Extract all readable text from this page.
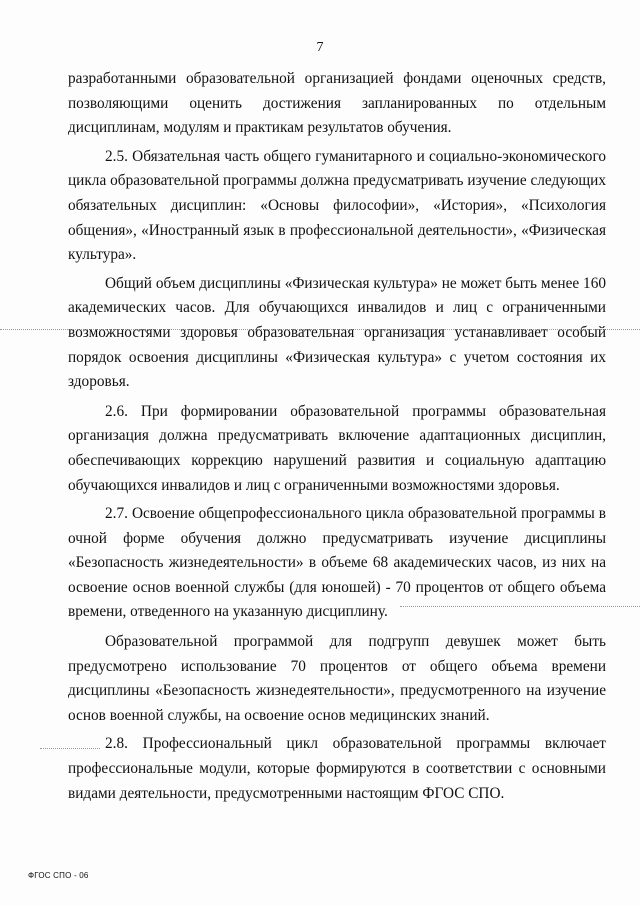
7

разработанными образовательной организацией фондами оценочных средств, позволяющими оценить достижения запланированных по отдельным дисциплинам, модулям и практикам результатов обучения.

2.5. Обязательная часть общего гуманитарного и социально-экономического цикла образовательной программы должна предусматривать изучение следующих обязательных дисциплин: «Основы философии», «История», «Психология общения», «Иностранный язык в профессиональной деятельности», «Физическая культура».

Общий объем дисциплины «Физическая культура» не может быть менее 160 академических часов. Для обучающихся инвалидов и лиц с ограниченными возможностями здоровья образовательная организация устанавливает особый порядок освоения дисциплины «Физическая культура» с учетом состояния их здоровья.

2.6. При формировании образовательной программы образовательная организация должна предусматривать включение адаптационных дисциплин, обеспечивающих коррекцию нарушений развития и социальную адаптацию обучающихся инвалидов и лиц с ограниченными возможностями здоровья.

2.7. Освоение общепрофессионального цикла образовательной программы в очной форме обучения должно предусматривать изучение дисциплины «Безопасность жизнедеятельности» в объеме 68 академических часов, из них на освоение основ военной службы (для юношей) - 70 процентов от общего объема времени, отведенного на указанную дисциплину.

Образовательной программой для подгрупп девушек может быть предусмотрено использование 70 процентов от общего объема времени дисциплины «Безопасность жизнедеятельности», предусмотренного на изучение основ военной службы, на освоение основ медицинских знаний.

2.8. Профессиональный цикл образовательной программы включает профессиональные модули, которые формируются в соответствии с основными видами деятельности, предусмотренными настоящим ФГОС СПО.

ФГОС СПО - 06
